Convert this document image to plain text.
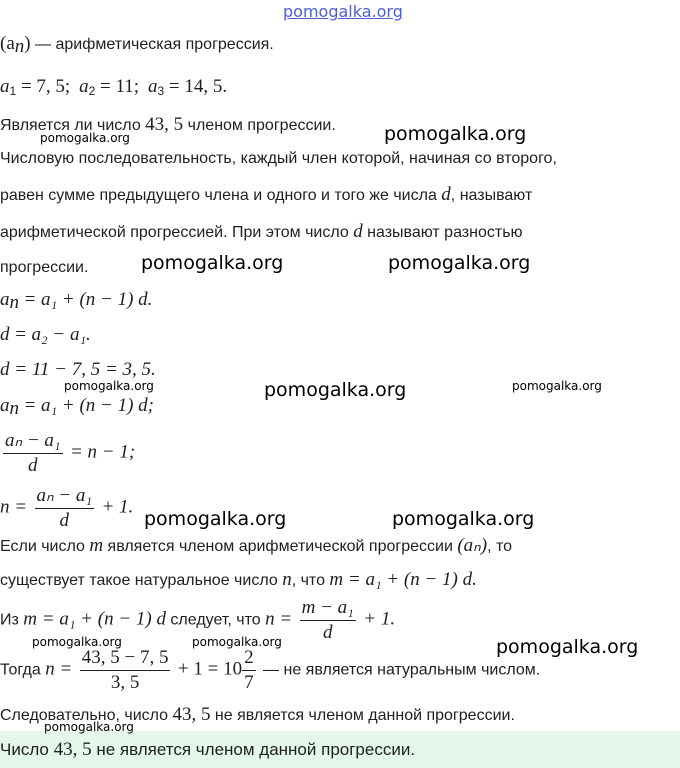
pomogalka.org
$(a_n)$ — арифметическая прогрессия.
$a_1 = 7$, 5; $a_2 = 11$; $a_3 = 14$, 5.
Является ли число 43, 5 членом прогрессии.
Числовую последовательность, каждый член которой, начиная со второго,
равен сумме предыдущего члена и одного и того же числа d, называют
арифметической прогрессией. При этом число d называют разностью
прогрессии.
$a_n = a_1 + (n - 1)$ d.
d = a₂ − a₁.
d = 11 − 7, 5 = 3, 5.
$a_n = a_1 + (n - 1)$ d;
$\frac{\text{aₙ − a₁}}{d} = n - 1$;
$n = \frac{\text{aₙ − a₁}}{d} + 1$.
Если число m является членом арифметической прогрессии (aₙ), то
существует такое натуральное число n, что m = a₁ + (n − 1) d.
Из m = a₁ + (n − 1) d следует, что $n = \frac{\text{m − a₁}}{d} + 1$.
Тогда $n = \frac{43, 5 - 7, 5}{3, 5} + 1 = 10 \frac{2}{7}$ — не является натуральным числом.
Следовательно, число 43, 5 не является членом данной прогрессии.
Число 43, 5 не является членом данной прогрессии.
pomogalka.org
pomogalka.org
pomogalka.org	pomogalka.org
pomogalka.org	pomogalka.org	pomogalka.org
pomogalka.org	pomogalka.org
pomogalka.org	pomogalka.org	pomogalka.org
pomogalka.org
